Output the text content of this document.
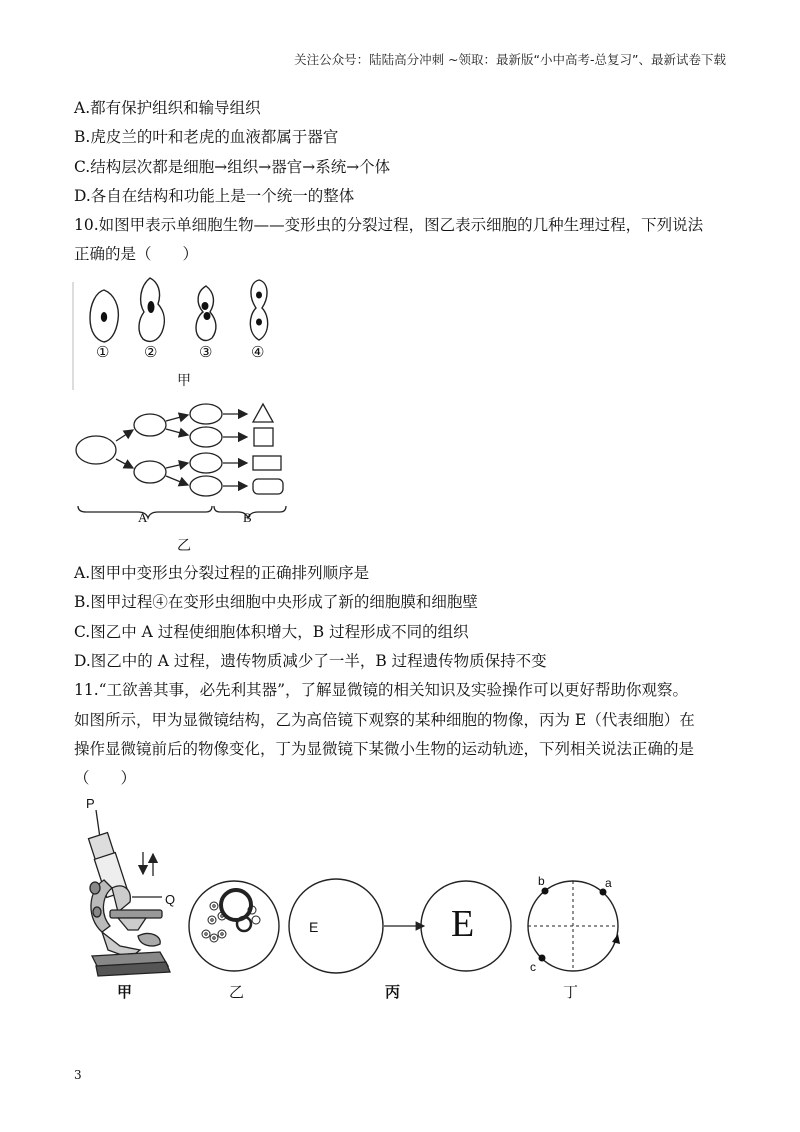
关注公众号：陆陆高分冲刺 ~领取：最新版“小中高考-总复习”、最新试卷下载
A.都有保护组织和输导组织
B.虎皮兰的叶和老虎的血液都属于器官
C.结构层次都是细胞→组织→器官→系统→个体
D.各自在结构和功能上是一个统一的整体
10.如图甲表示单细胞生物——变形虫的分裂过程，图乙表示细胞的几种生理过程，下列说法
正确的是（　　）
① ②	③	④
甲
A	B
乙
A.图甲中变形虫分裂过程的正确排列顺序是
B.图甲过程④在变形虫细胞中央形成了新的细胞膜和细胞壁
C.图乙中 A 过程使细胞体积增大，B 过程形成不同的组织
D.图乙中的 A 过程，遗传物质减少了一半，B 过程遗传物质保持不变
11.“工欲善其事，必先利其器”，了解显微镜的相关知识及实验操作可以更好帮助你观察。
如图所示，甲为显微镜结构，乙为高倍镜下观察的某种细胞的物像，丙为 E（代表细胞）在
操作显微镜前后的物像变化，丁为显微镜下某微小生物的运动轨迹，下列相关说法正确的是
（　　）
P
Q
E	E
b	a
c
甲	乙	丙	丁
3
